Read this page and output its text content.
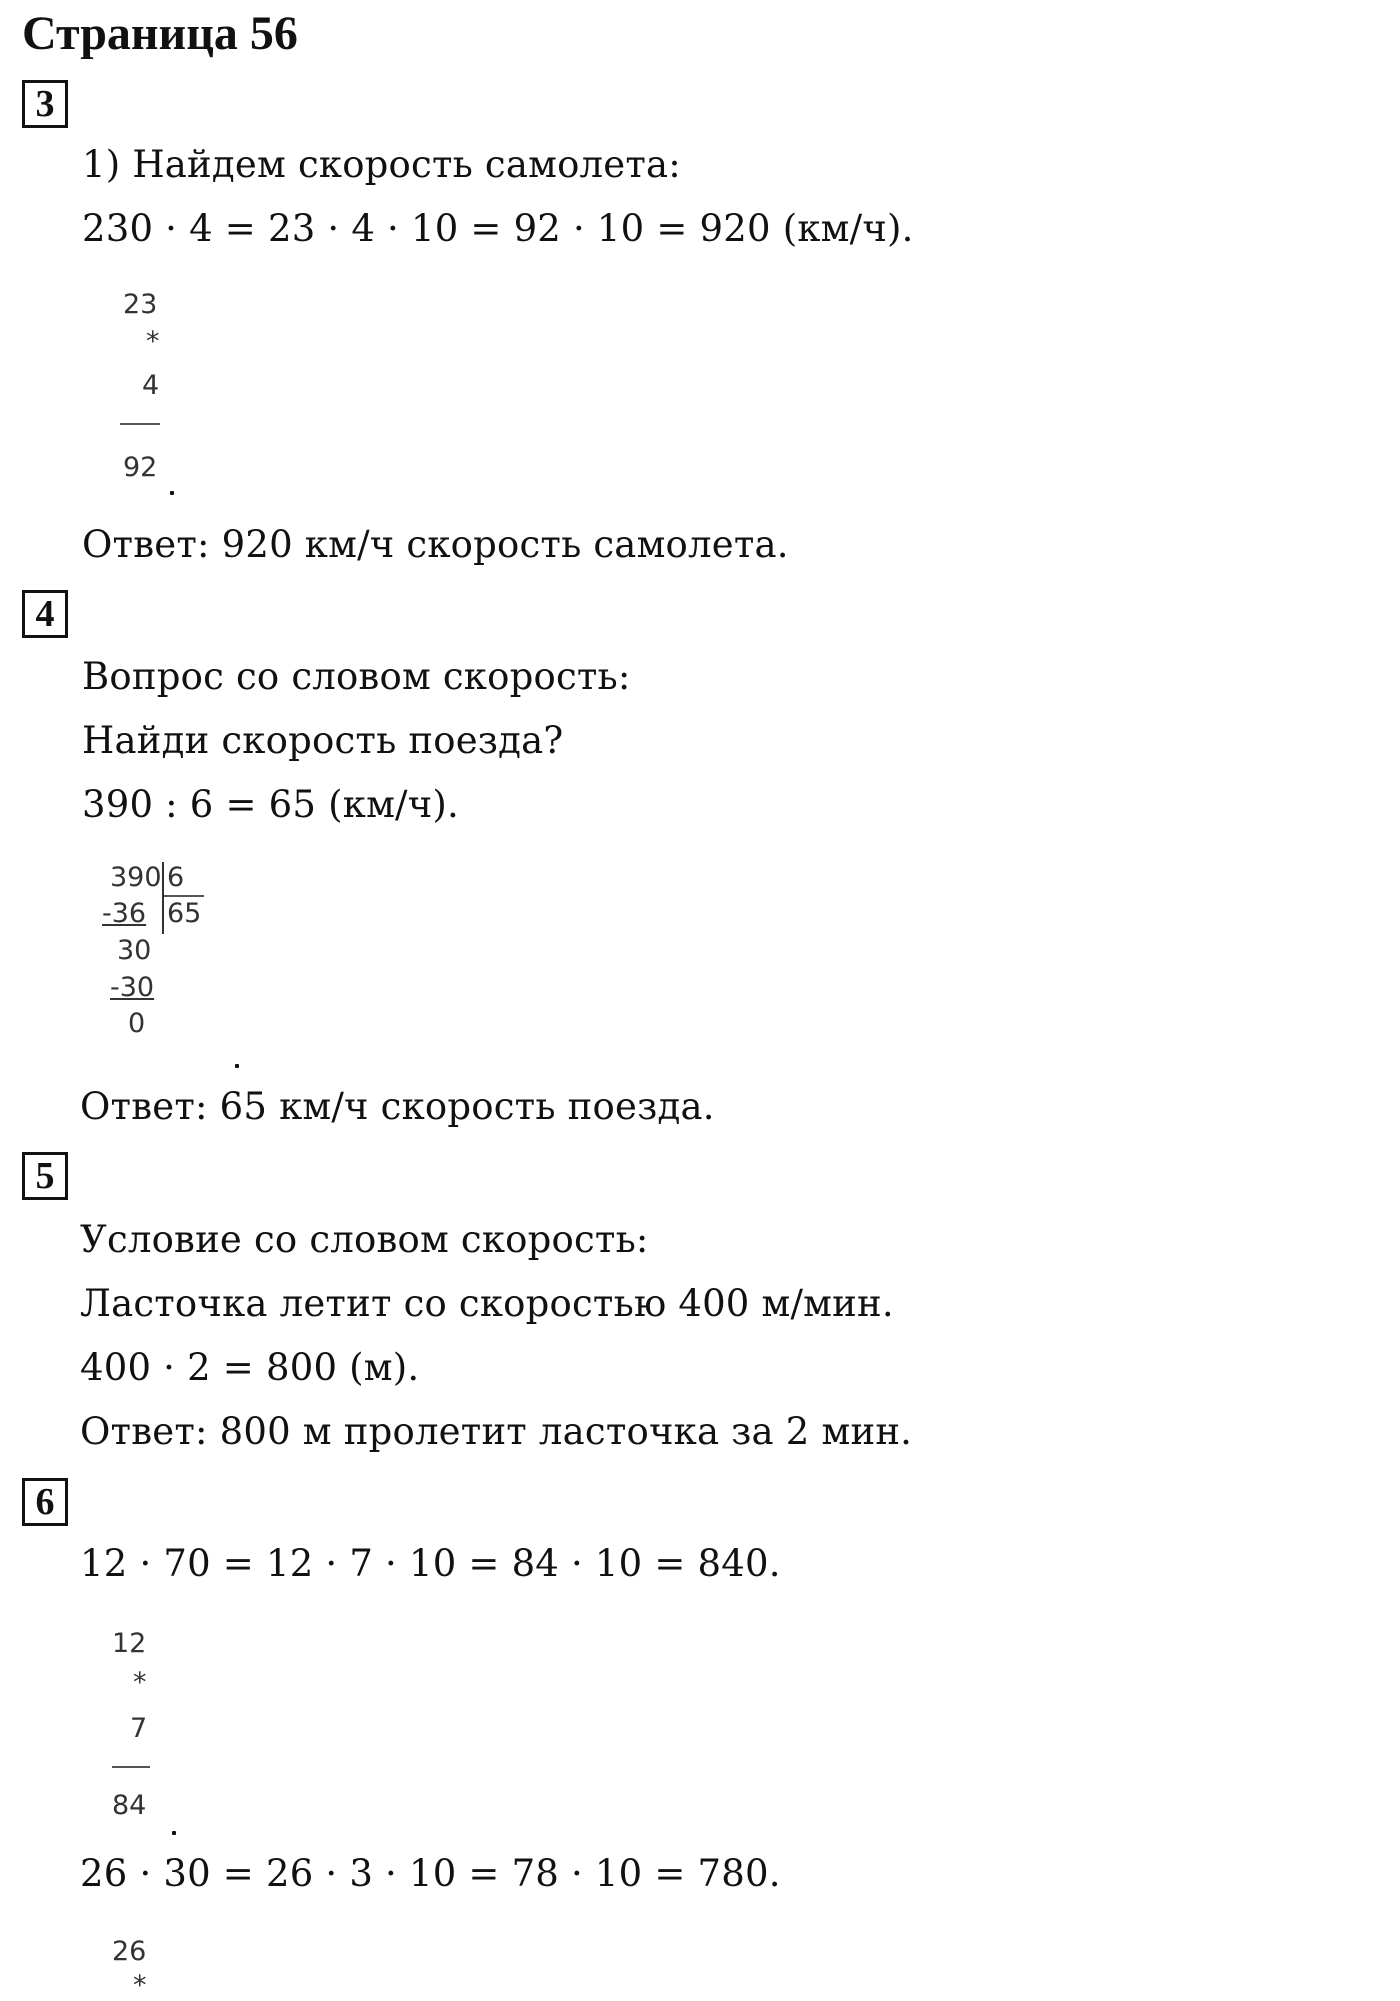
Страница 56
3
1) Найдем скорость самолета:
230 · 4 = 23 · 4 · 10 = 92 · 10 = 920 (км/ч).
23
*
4
92
Ответ: 920 км/ч скорость самолета.
4
Вопрос со словом скорость:
Найди скорость поезда?
390 : 6 = 65 (км/ч).
390 6
65
-36
30
-30
0
Ответ: 65 км/ч скорость поезда.
5
Условие со словом скорость:
Ласточка летит со скоростью 400 м/мин.
400 · 2 = 800 (м).
Ответ: 800 м пролетит ласточка за 2 мин.
6
12 · 70 = 12 · 7 · 10 = 84 · 10 = 840.
12
*
7
84
26 · 30 = 26 · 3 · 10 = 78 · 10 = 780.
26
*
